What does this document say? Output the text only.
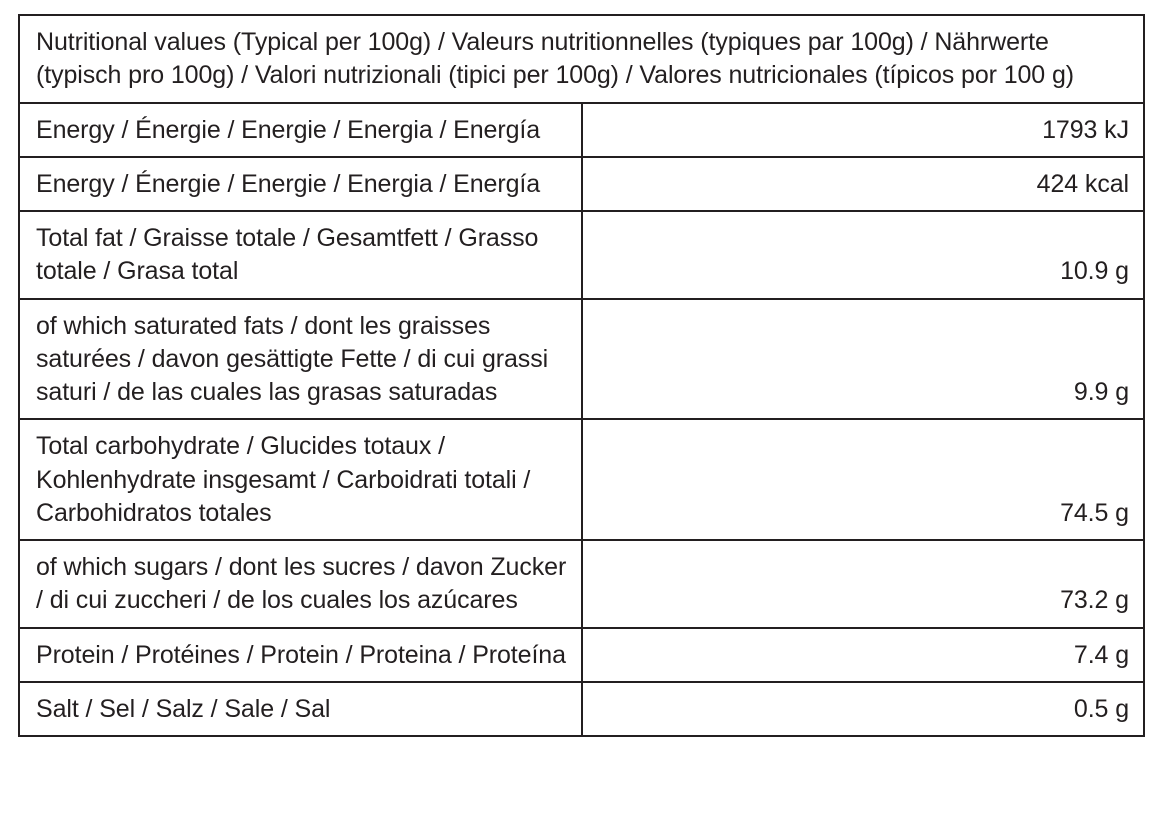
Nutritional values (Typical per 100g) / Valeurs nutritionnelles (typiques par 100g) / Nährwerte (typisch pro 100g) / Valori nutrizionali (tipici per 100g) / Valores nutricionales (típicos por 100 g)	
Energy / Énergie / Energie / Energia / Energía	1793 kJ
Energy / Énergie / Energie / Energia / Energía	424 kcal
Total fat / Graisse totale / Gesamtfett / Grasso totale / Grasa total	10.9 g
of which saturated fats / dont les graisses saturées / davon gesättigte Fette / di cui grassi saturi / de las cuales las grasas saturadas	9.9 g
Total carbohydrate / Glucides totaux / Kohlenhydrate insgesamt / Carboidrati totali / Carbohidratos totales	74.5 g
of which sugars / dont les sucres / davon Zucker / di cui zuccheri / de los cuales los azúcares	73.2 g
Protein / Protéines / Protein / Proteina / Proteína	7.4 g
Salt / Sel / Salz / Sale / Sal	0.5 g
